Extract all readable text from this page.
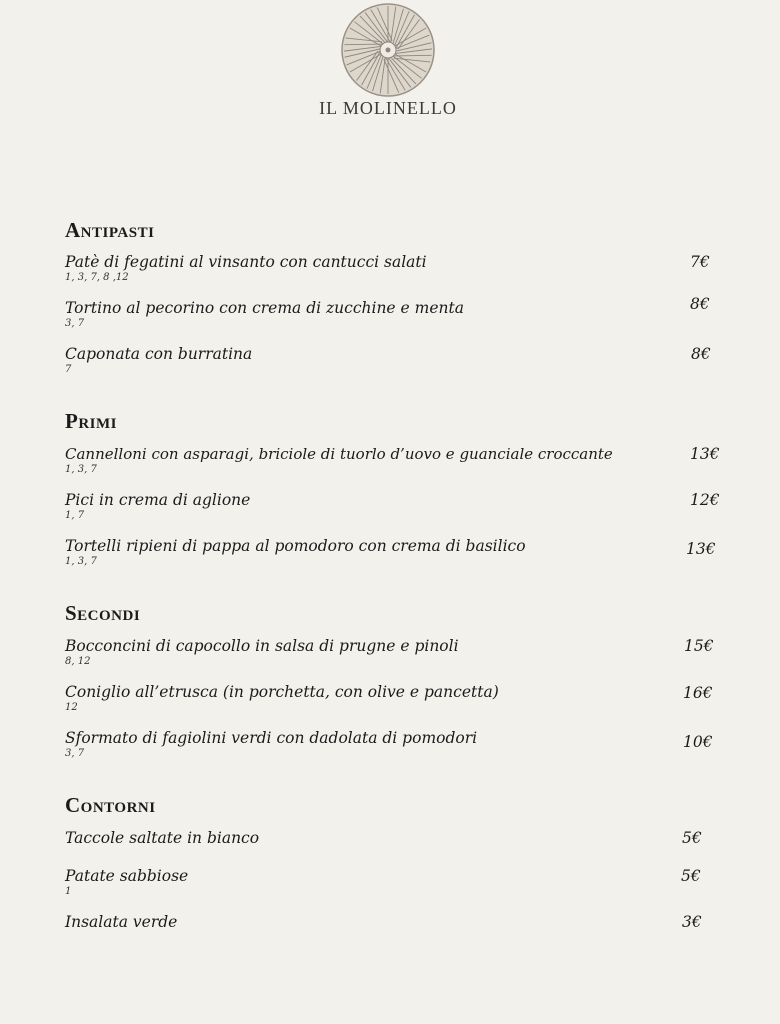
IL MOLINELLO
Antipasti
Patè di fegatini al vinsanto con cantucci salati
1, 3, 7, 8 ,12
7€
Tortino al pecorino con crema di zucchine e menta
3, 7
8€
Caponata con burratina
7
8€
Primi
Cannelloni con asparagi, briciole di tuorlo d’uovo e guanciale croccante
1, 3, 7
13€
Pici in crema di aglione
1, 7
12€
Tortelli ripieni di pappa al pomodoro con crema di basilico
1, 3, 7
13€
Secondi
Bocconcini di capocollo in salsa di prugne e pinoli
8, 12
15€
Coniglio all’etrusca (in porchetta, con olive e pancetta)
12
16€
Sformato di fagiolini verdi con dadolata di pomodori
3, 7
10€
Contorni
Taccole saltate in bianco	5€
Patate sabbiose
1
5€
Insalata verde	3€
